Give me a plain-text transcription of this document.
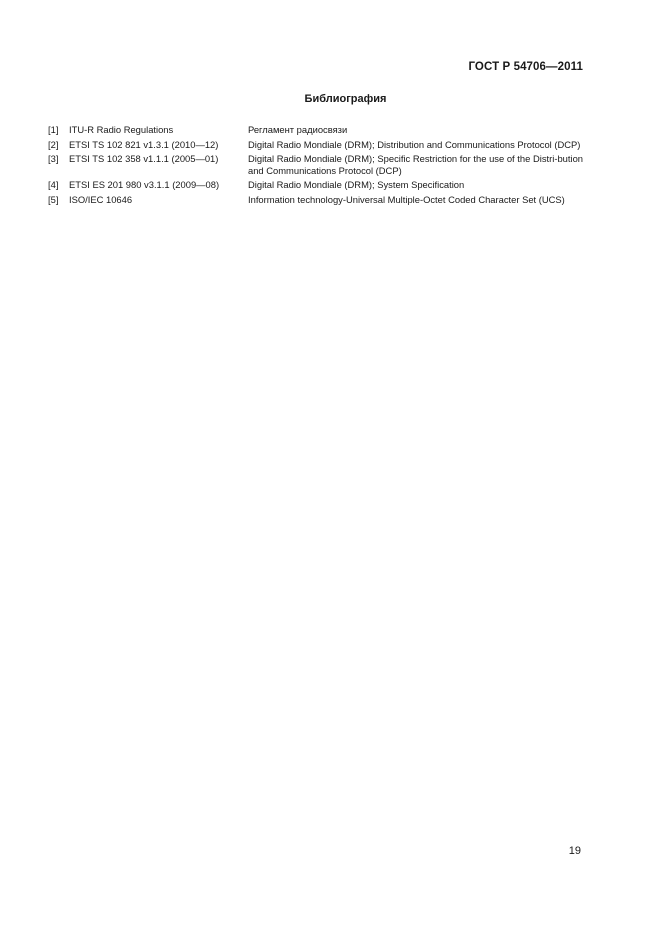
ГОСТ Р 54706—2011
Библиография
[1]	ITU-R Radio Regulations	Регламент радиосвязи
[2]	ETSI TS 102 821 v1.3.1 (2010—12)	Digital Radio Mondiale (DRM); Distribution and Communications Protocol (DCP)
[3]	ETSI TS 102 358 v1.1.1 (2005—01)	Digital Radio Mondiale (DRM); Specific Restriction for the use of the Distri-bution and Communications Protocol (DCP)
[4]	ETSI ES 201 980 v3.1.1 (2009—08)	Digital Radio Mondiale (DRM); System Specification
[5]	ISO/IEC 10646	Information technology-Universal Multiple-Octet Coded Character Set (UCS)
19
